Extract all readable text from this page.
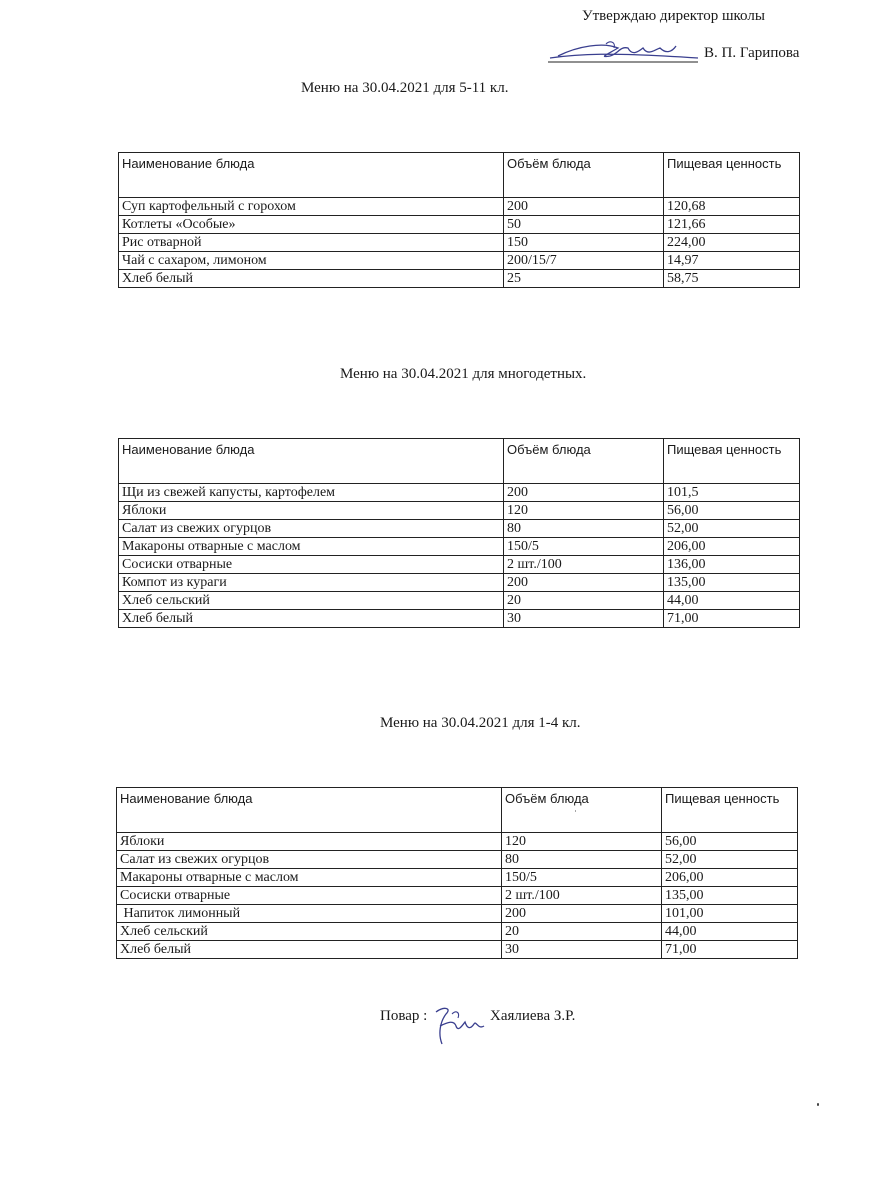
Утверждаю директор школы
В. П. Гарипова
Меню на 30.04.2021 для 5-11 кл.
Наименование блюда	Объём блюда	Пищевая ценность
Суп картофельный с горохом	200	120,68
Котлеты «Особые»	50	121,66
Рис отварной	150	224,00
Чай с сахаром, лимоном	200/15/7	14,97
Хлеб белый	25	58,75
Меню на 30.04.2021 для многодетных.
Наименование блюда	Объём блюда	Пищевая ценность
Щи из свежей капусты, картофелем	200	101,5
Яблоки	120	56,00
Салат из свежих огурцов	80	52,00
Макароны отварные с маслом	150/5	206,00
Сосиски отварные	2 шт./100	136,00
Компот из кураги	200	135,00
Хлеб сельский	20	44,00
Хлеб белый	30	71,00
Меню на 30.04.2021 для 1-4 кл.
Наименование блюда	Объём блюда	Пищевая ценность
Яблоки	120	56,00
Салат из свежих огурцов	80	52,00
Макароны отварные с маслом	150/5	206,00
Сосиски отварные	2 шт./100	135,00
Напиток лимонный	200	101,00
Хлеб сельский	20	44,00
Хлеб белый	30	71,00
Повар :	Хаялиева З.Р.
